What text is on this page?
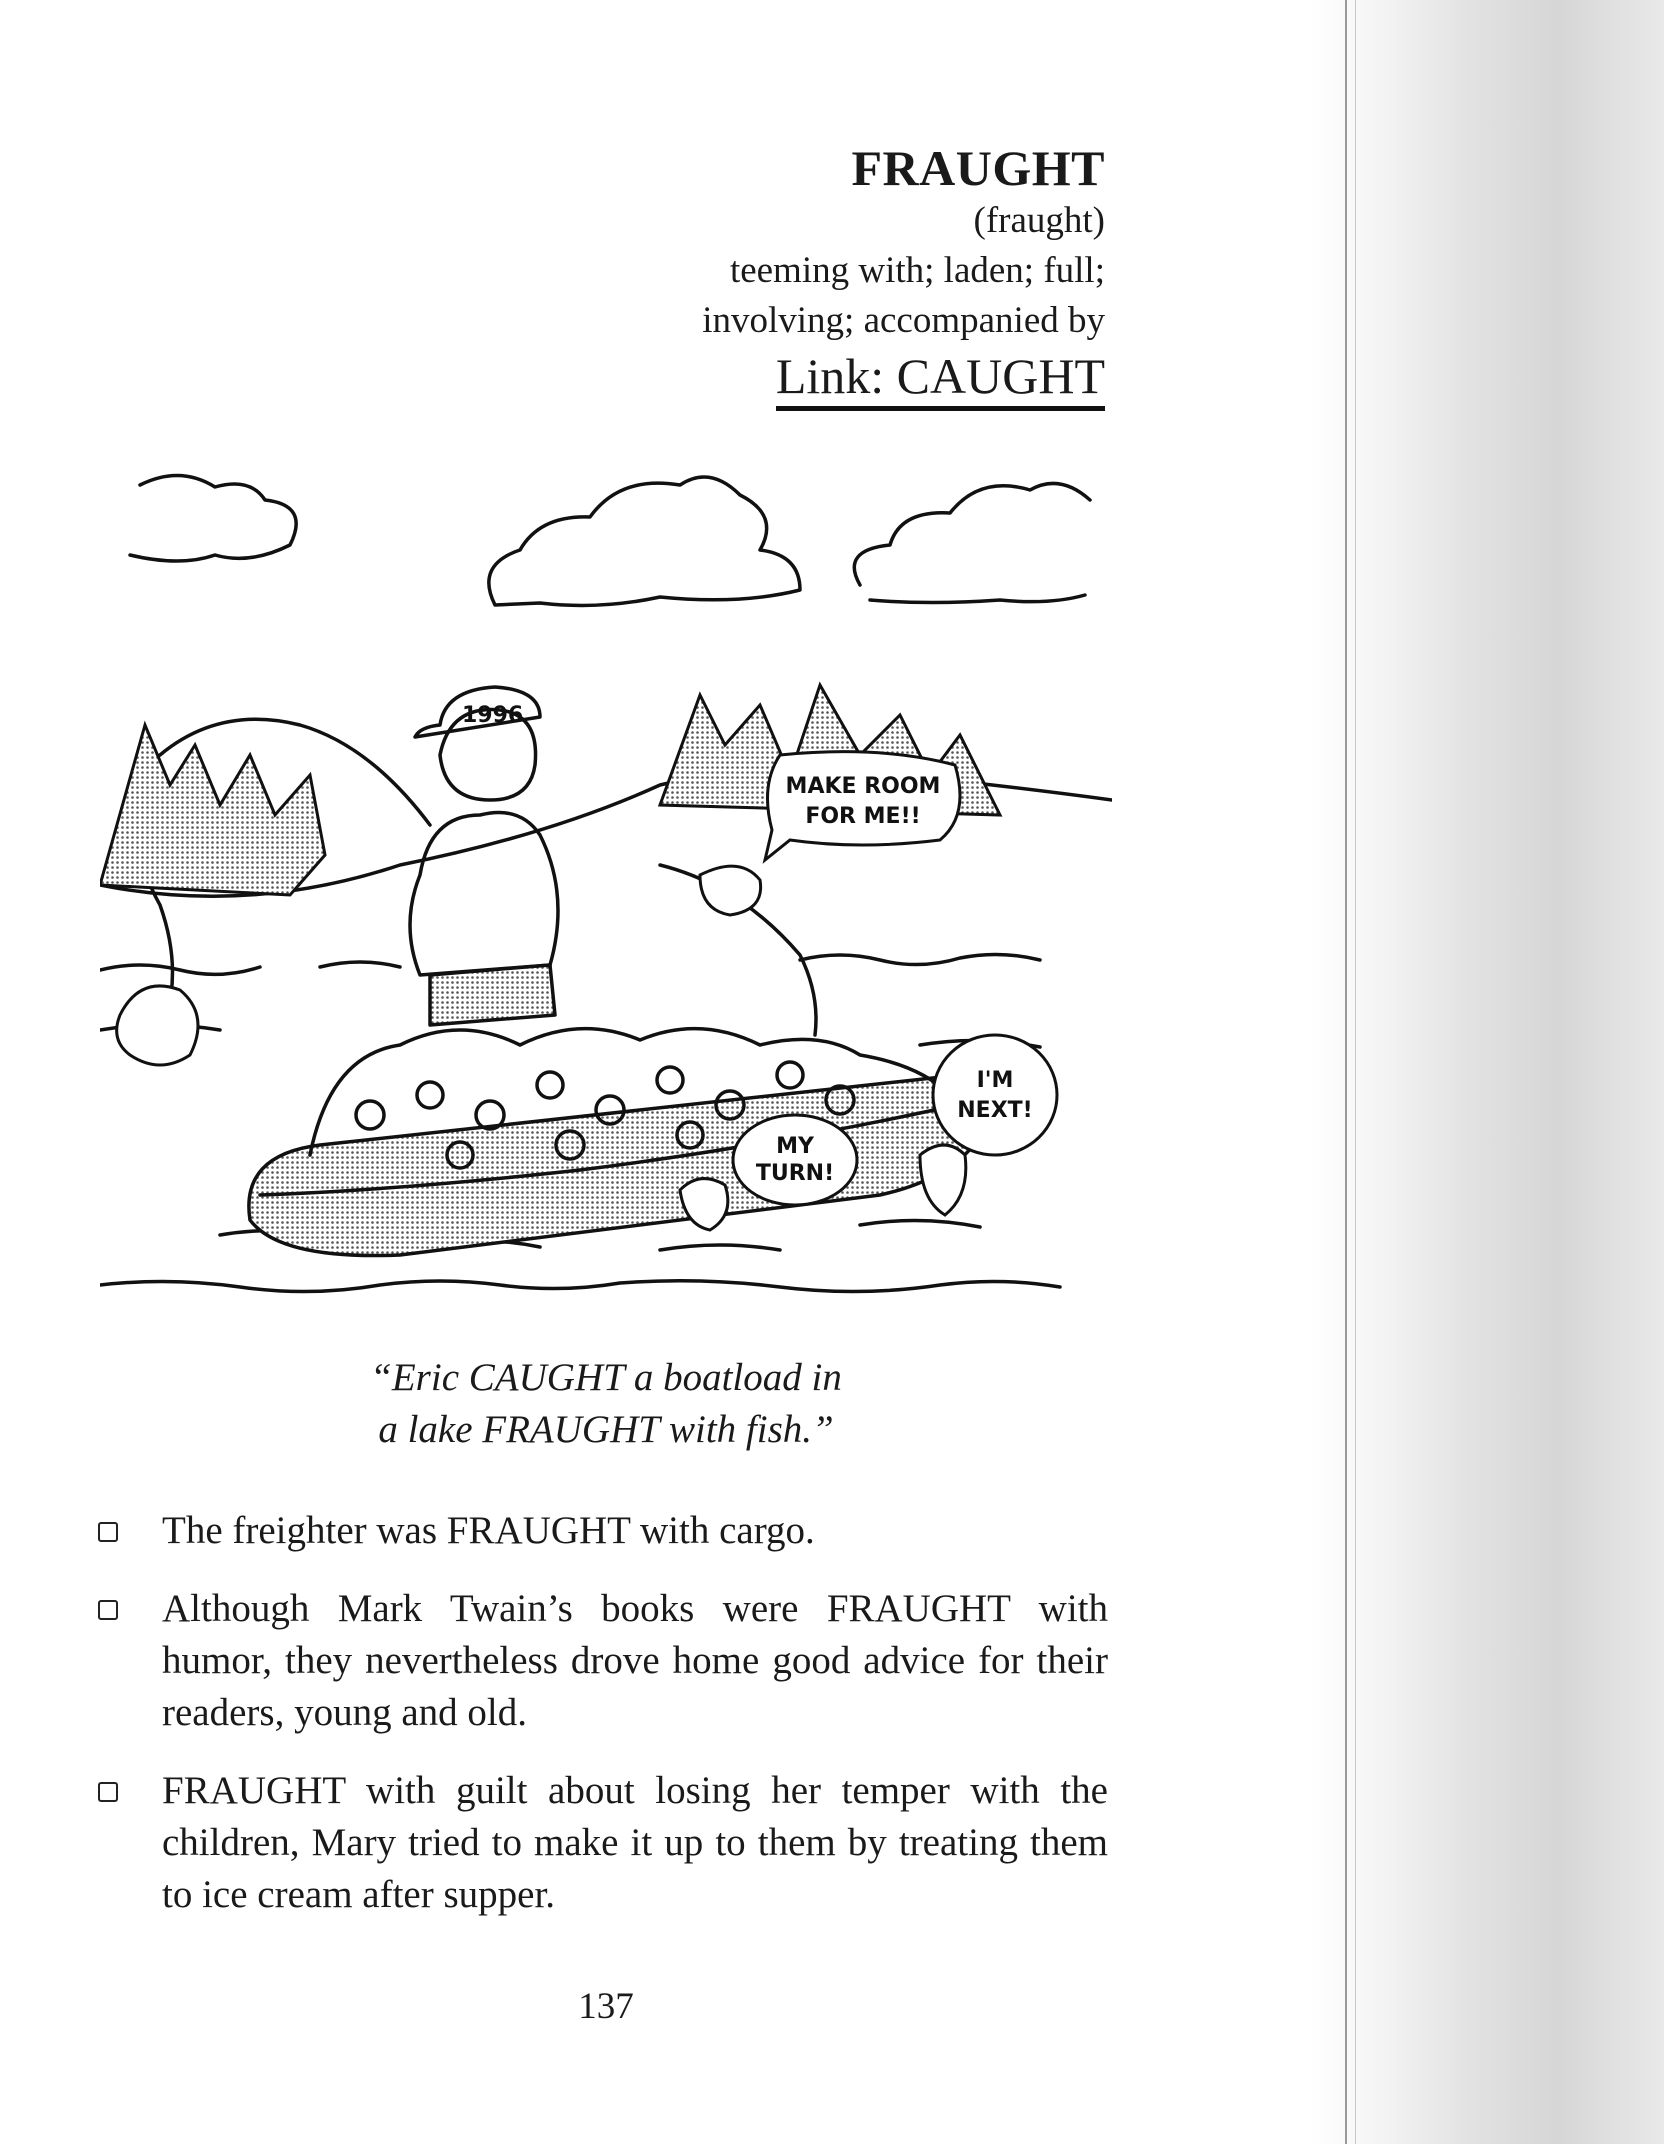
FRAUGHT
(fraught)
teeming with; laden; full;
involving; accompanied by
Link: CAUGHT
1996
MAKE ROOM
FOR ME!!
MY
TURN!
I'M
NEXT!
“Eric CAUGHT a boatload in
a lake FRAUGHT with fish.”
The freighter was FRAUGHT with cargo.
Although Mark Twain’s books were FRAUGHT with humor, they nevertheless drove home good advice for their readers, young and old.
FRAUGHT with guilt about losing her temper with the children, Mary tried to make it up to them by treating them to ice cream after supper.
137
